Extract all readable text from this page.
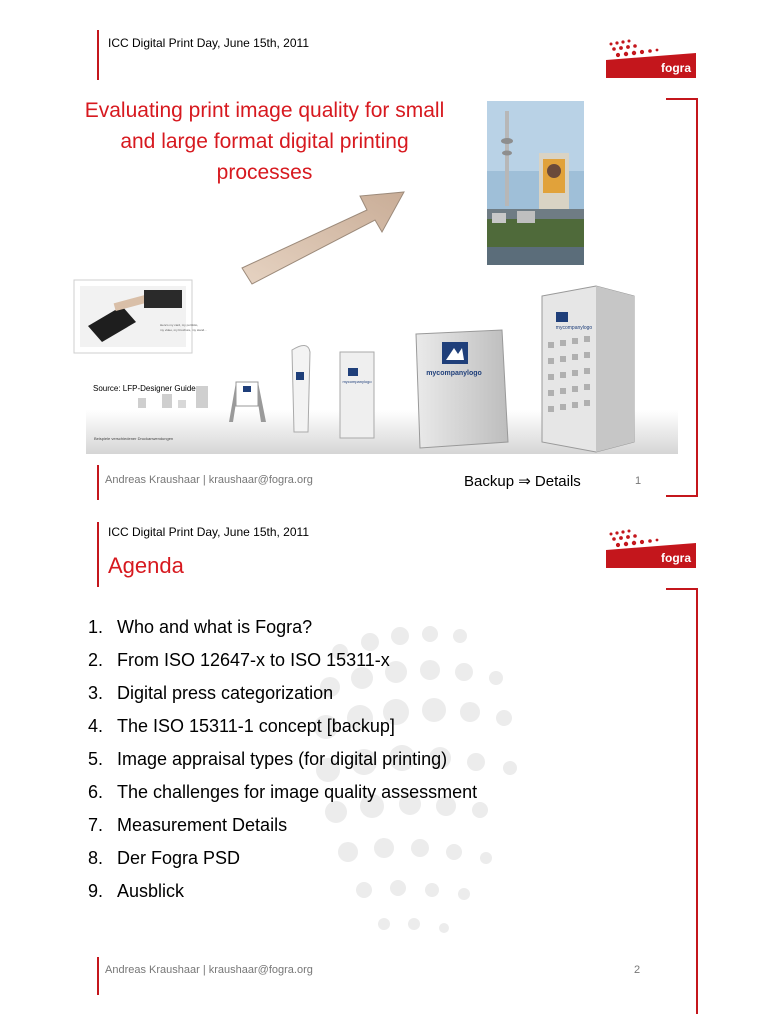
ICC Digital Print Day, June 15th, 2011
fogra
Evaluating print image quality for small and large format digital printing processes
Here's my card, my portfolio,
my video, my brochure, my stand...
mycompanylogo
mycompanylogo
mycompanylogo
Beispiele verschiedener Druckanwendungen
Source: LFP-Designer Guide
Andreas Kraushaar | kraushaar@fogra.org	Backup ⇒ Details	1
ICC Digital Print Day, June 15th, 2011
fogra
Andreas Kraushaar | kraushaar@fogra.org	2
Agenda
1. Who and what is Fogra?
2. From ISO 12647-x to ISO 15311-x
3. Digital press categorization
4. The ISO 15311-1 concept [backup]
5. Image appraisal types (for digital printing)
6. The challenges for image quality assessment
7. Measurement Details
8. Der Fogra PSD
9. Ausblick
